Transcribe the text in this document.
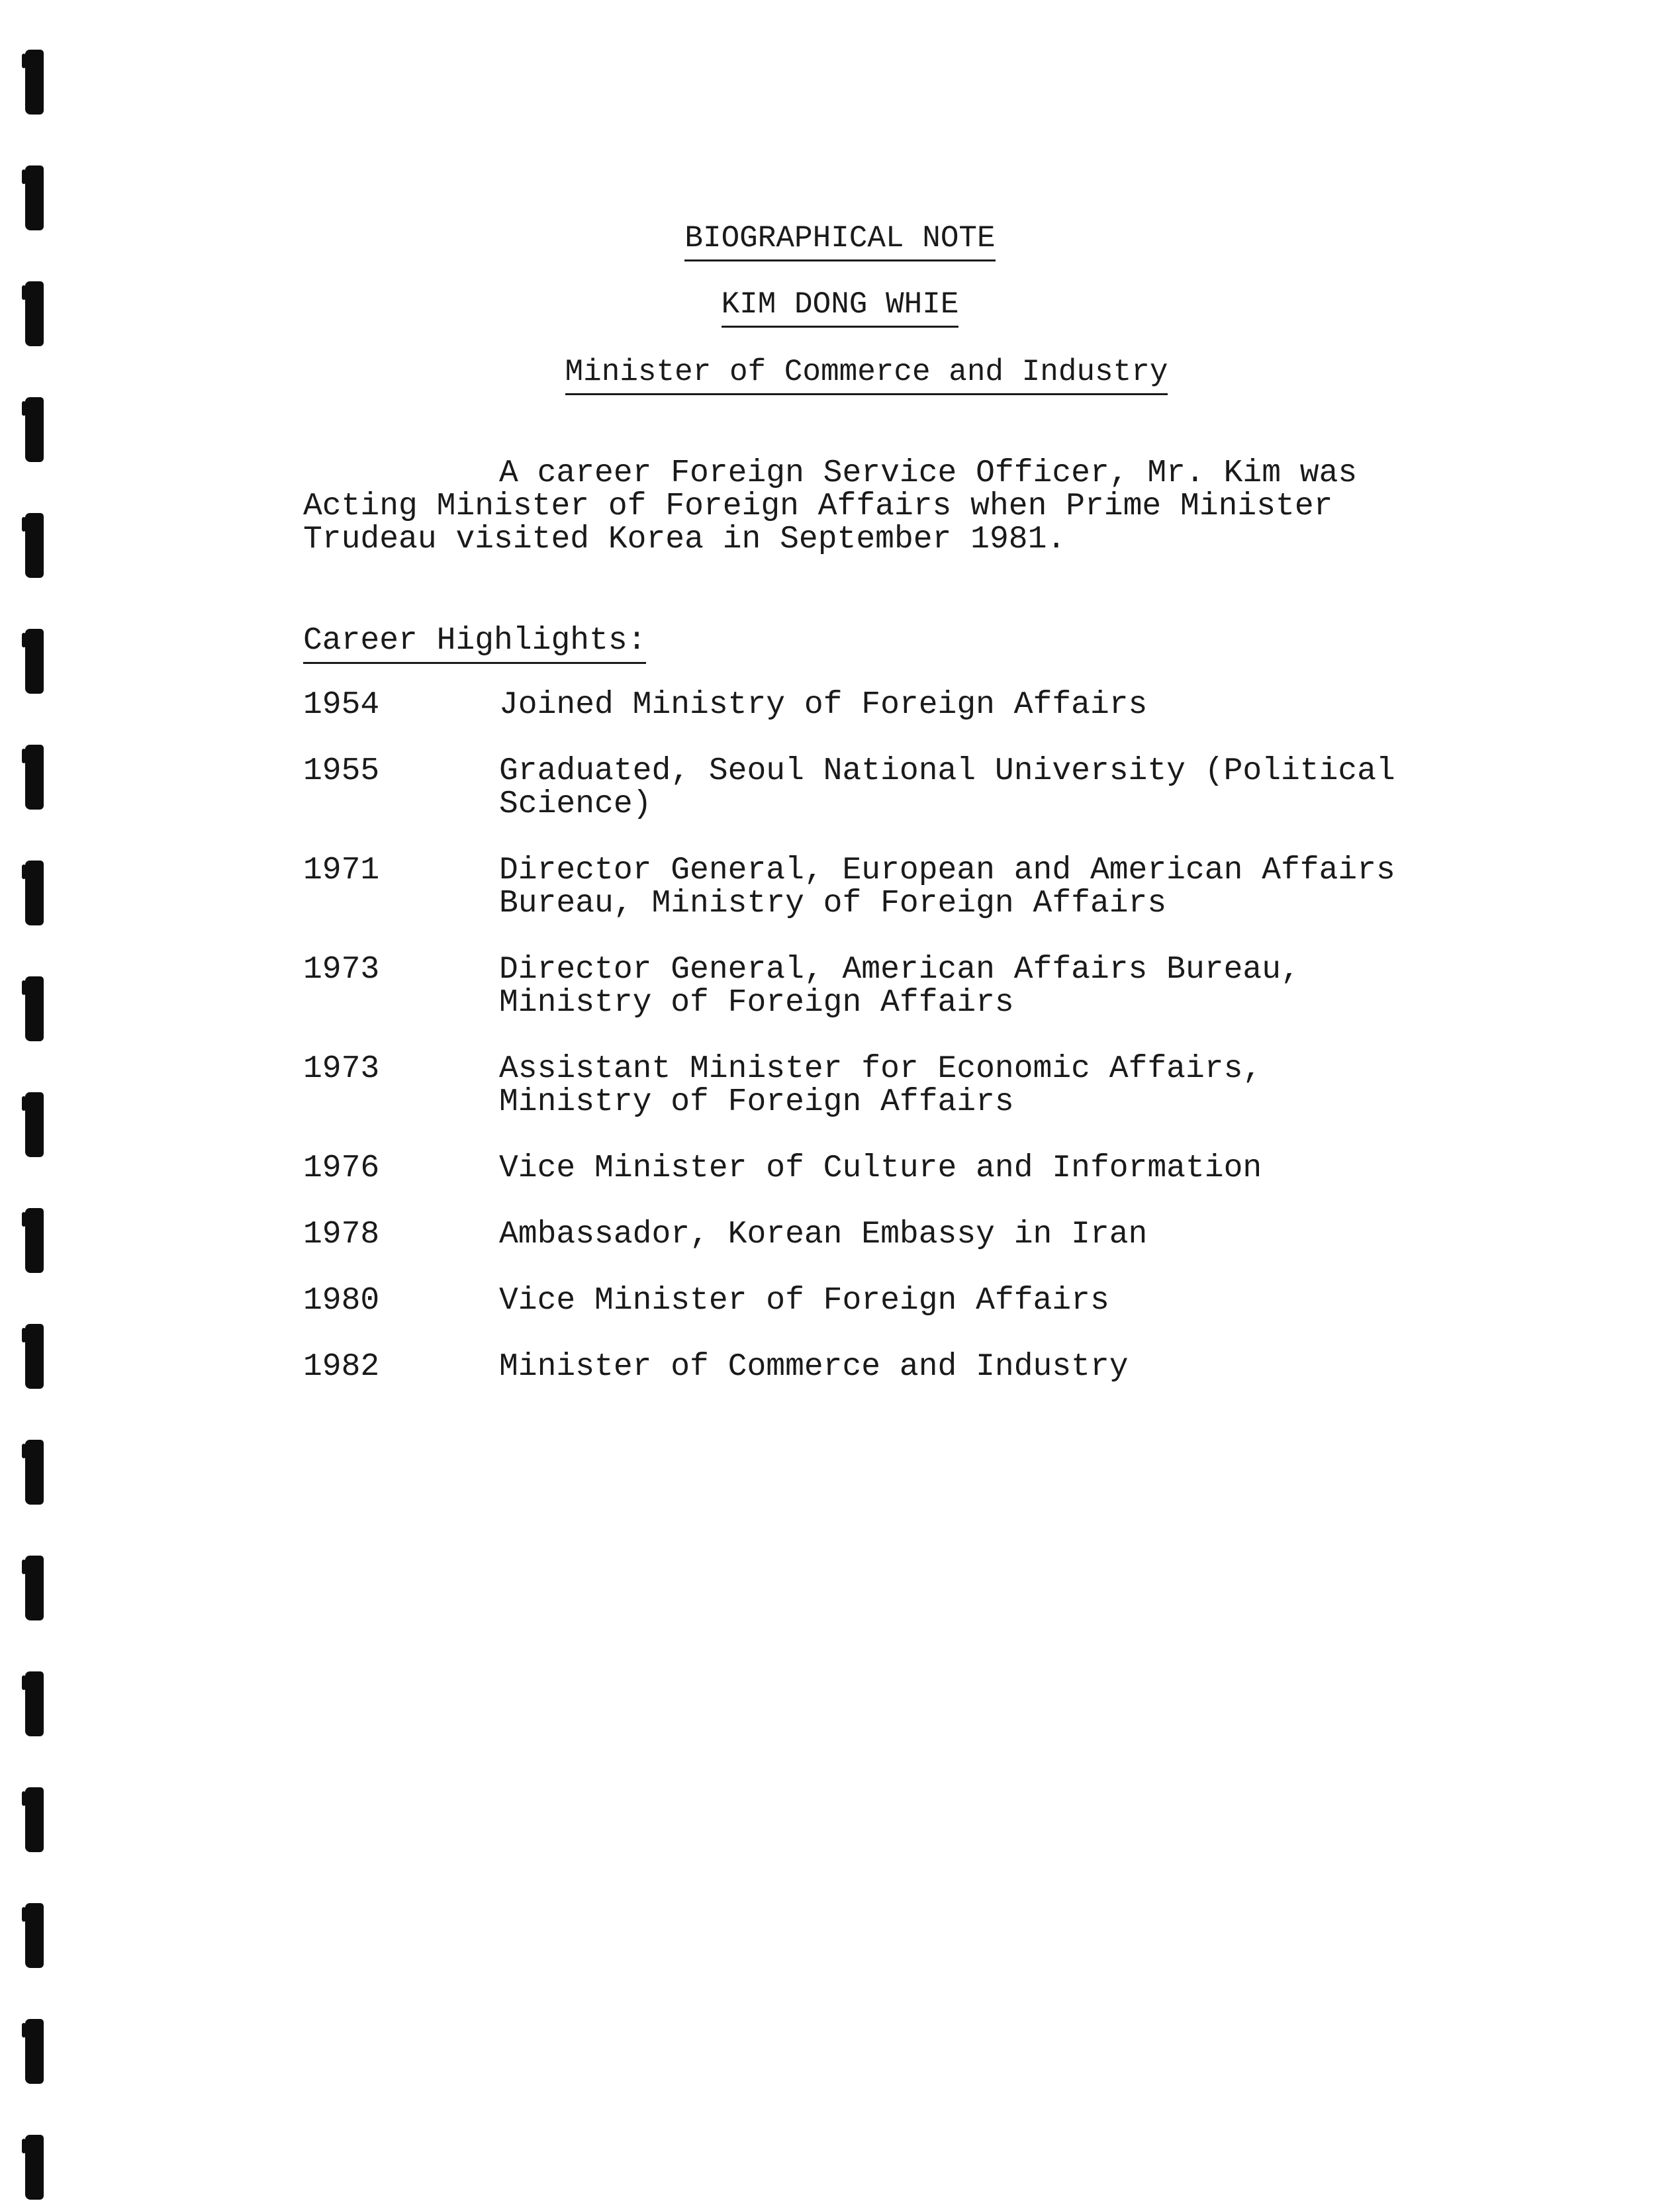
BIOGRAPHICAL NOTE
KIM DONG WHIE
Minister of Commerce and Industry
A career Foreign Service Officer, Mr. Kim was
Acting Minister of Foreign Affairs when Prime Minister
Trudeau visited Korea in September 1981.
Career Highlights:
1954	Joined Ministry of Foreign Affairs
1955	Graduated, Seoul National University (Political
Science)
1971	Director General, European and American Affairs
Bureau, Ministry of Foreign Affairs
1973	Director General, American Affairs Bureau,
Ministry of Foreign Affairs
1973	Assistant Minister for Economic Affairs,
Ministry of Foreign Affairs
1976	Vice Minister of Culture and Information
1978	Ambassador, Korean Embassy in Iran
1980	Vice Minister of Foreign Affairs
1982	Minister of Commerce and Industry
